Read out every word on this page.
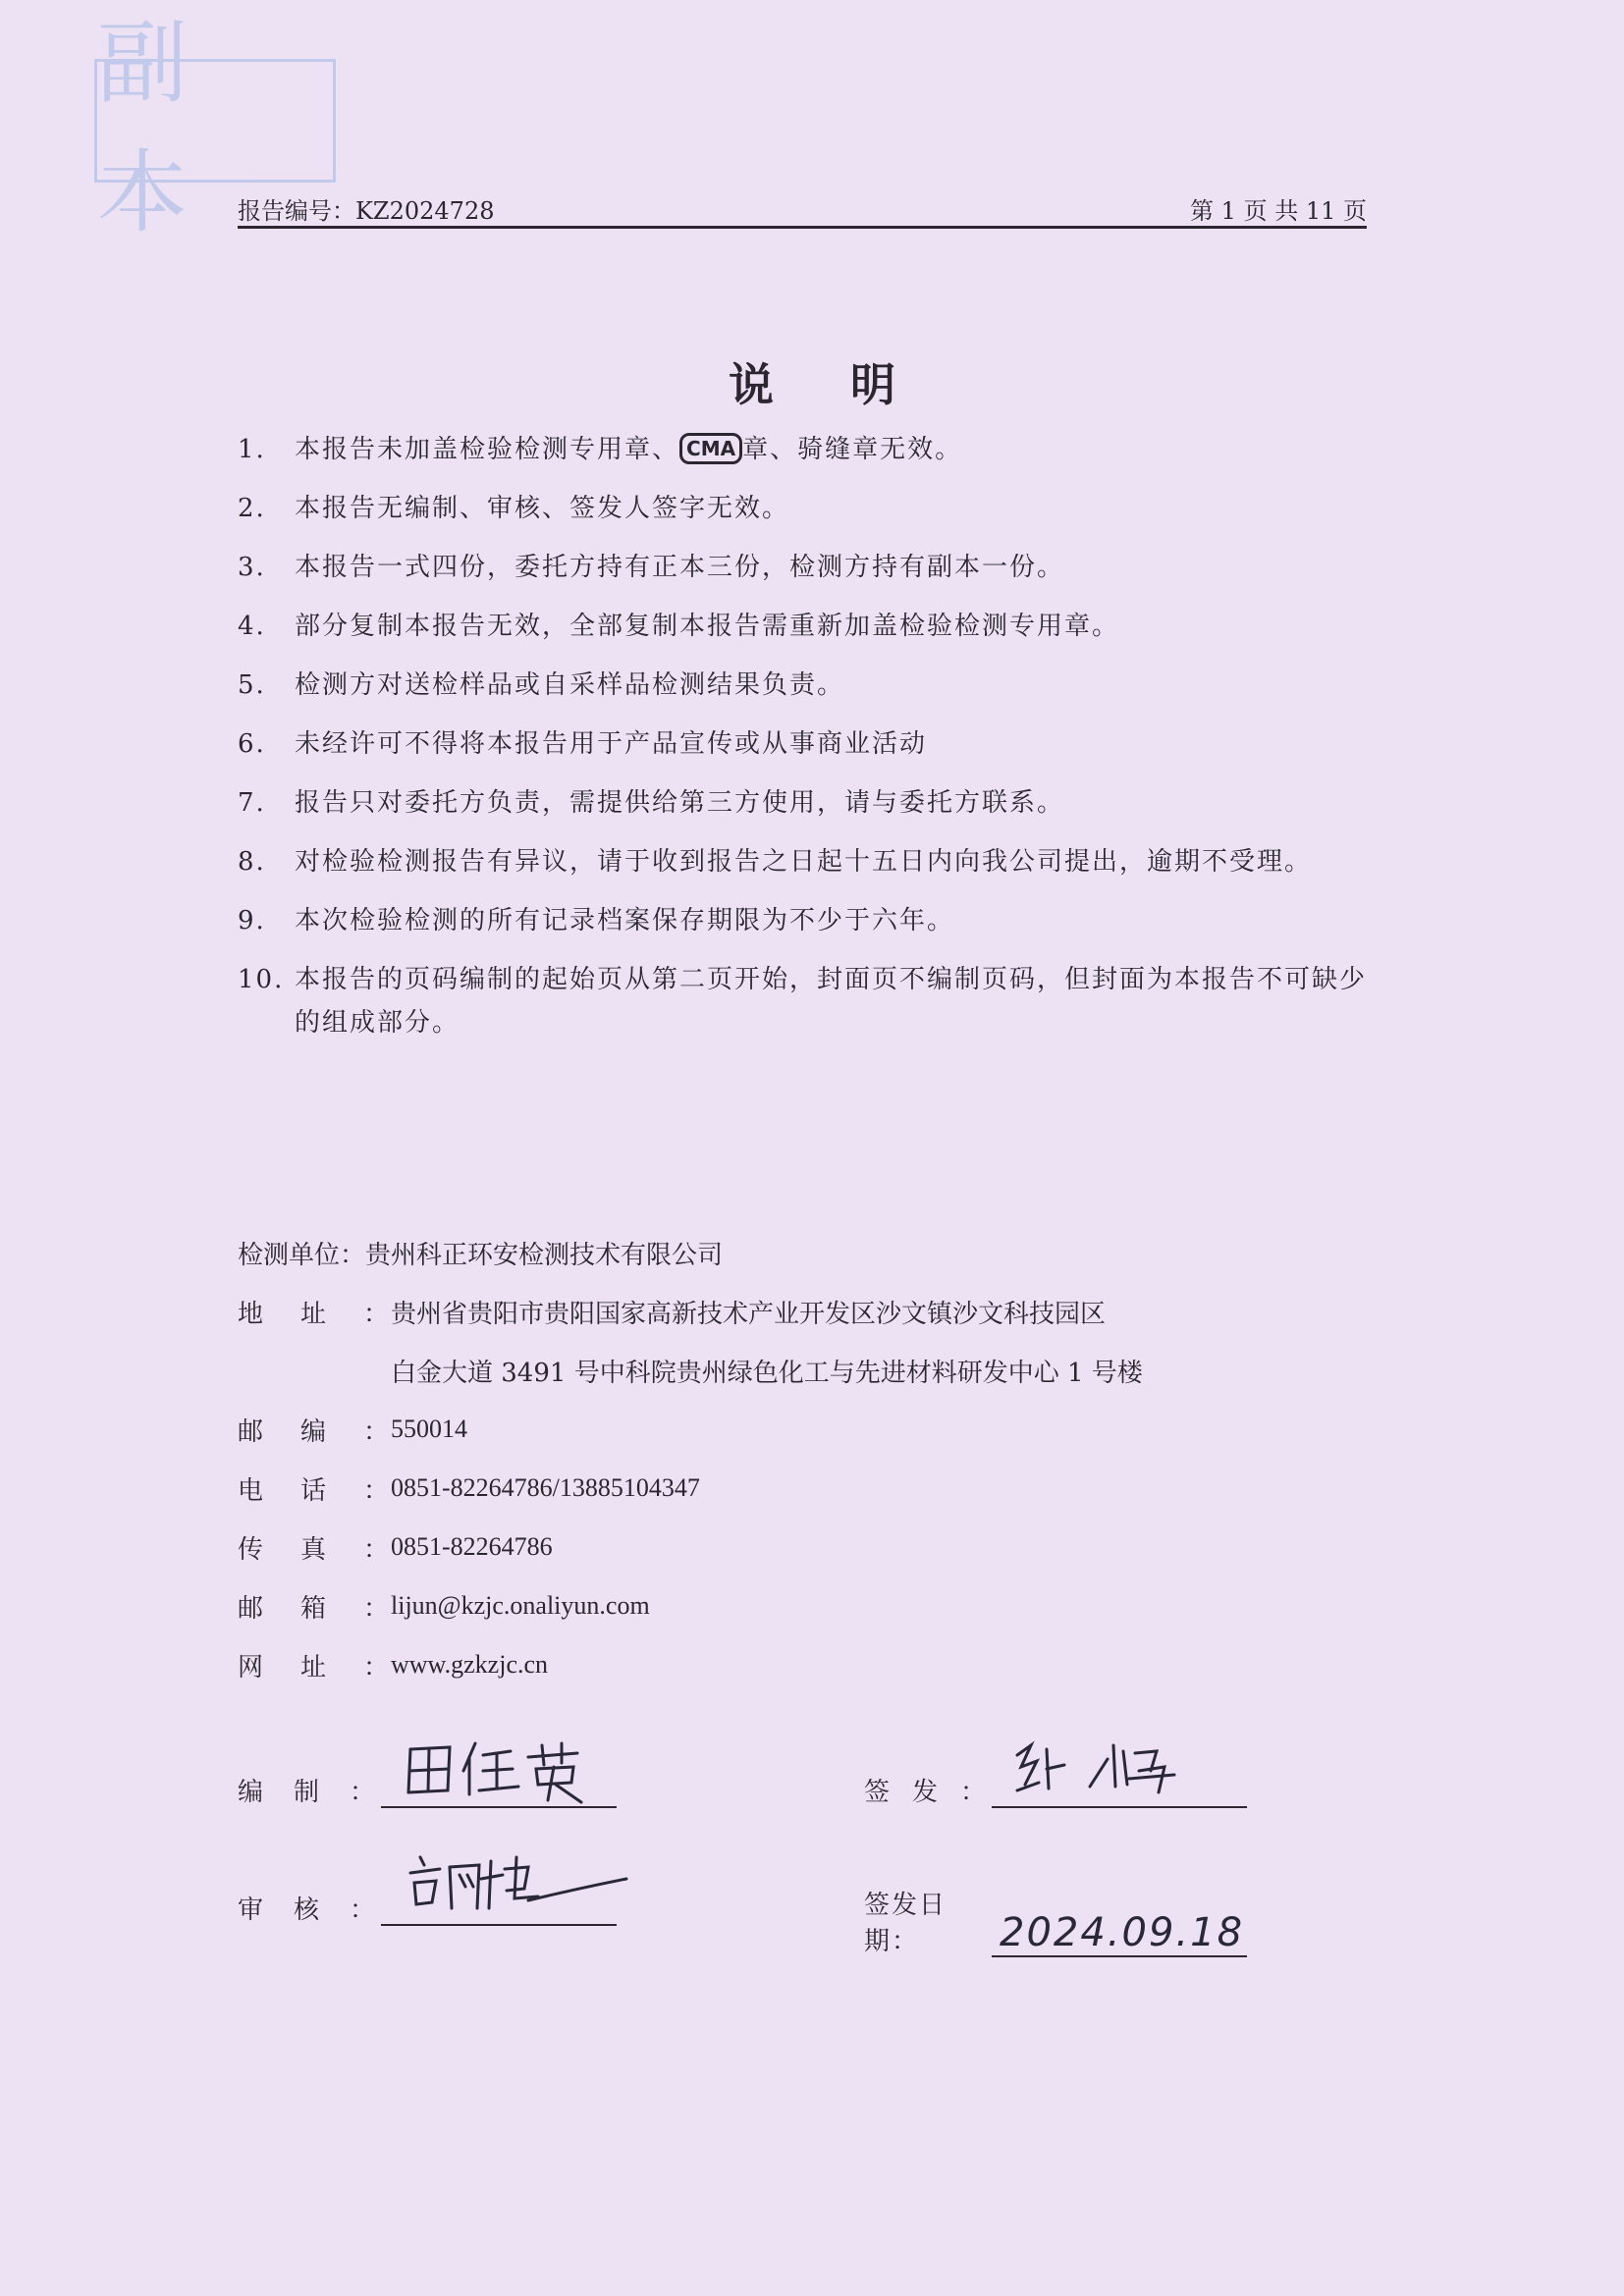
副本 报告编号：KZ2024728	第 1 页 共 11 页
说明
1.	本报告未加盖检验检测专用章、 CMA 章、骑缝章无效。
2.	本报告无编制、审核、签发人签字无效。
3.	本报告一式四份，委托方持有正本三份，检测方持有副本一份。
4.	部分复制本报告无效，全部复制本报告需重新加盖检验检测专用章。
5.	检测方对送检样品或自采样品检测结果负责。
6.	未经许可不得将本报告用于产品宣传或从事商业活动
7.	报告只对委托方负责，需提供给第三方使用，请与委托方联系。
8.	对检验检测报告有异议，请于收到报告之日起十五日内向我公司提出，逾期不受理。
9.	本次检验检测的所有记录档案保存期限为不少于六年。
10. 本报告的页码编制的起始页从第二页开始，封面页不编制页码，但封面为本报告不可缺少的组成部分。
检测单位： 贵州科正环安检测技术有限公司
地址： 贵州省贵阳市贵阳国家高新技术产业开发区沙文镇沙文科技园区
白金大道 3491 号中科院贵州绿色化工与先进材料研发中心 1 号楼
邮编： 550014
电话： 0851-82264786/13885104347
传真： 0851-82264786
邮箱： lijun@kzjc.onaliyun.com
网址： www.gzkzjc.cn
编制：	签发：
审核：	签发日期：	2024.09.18
